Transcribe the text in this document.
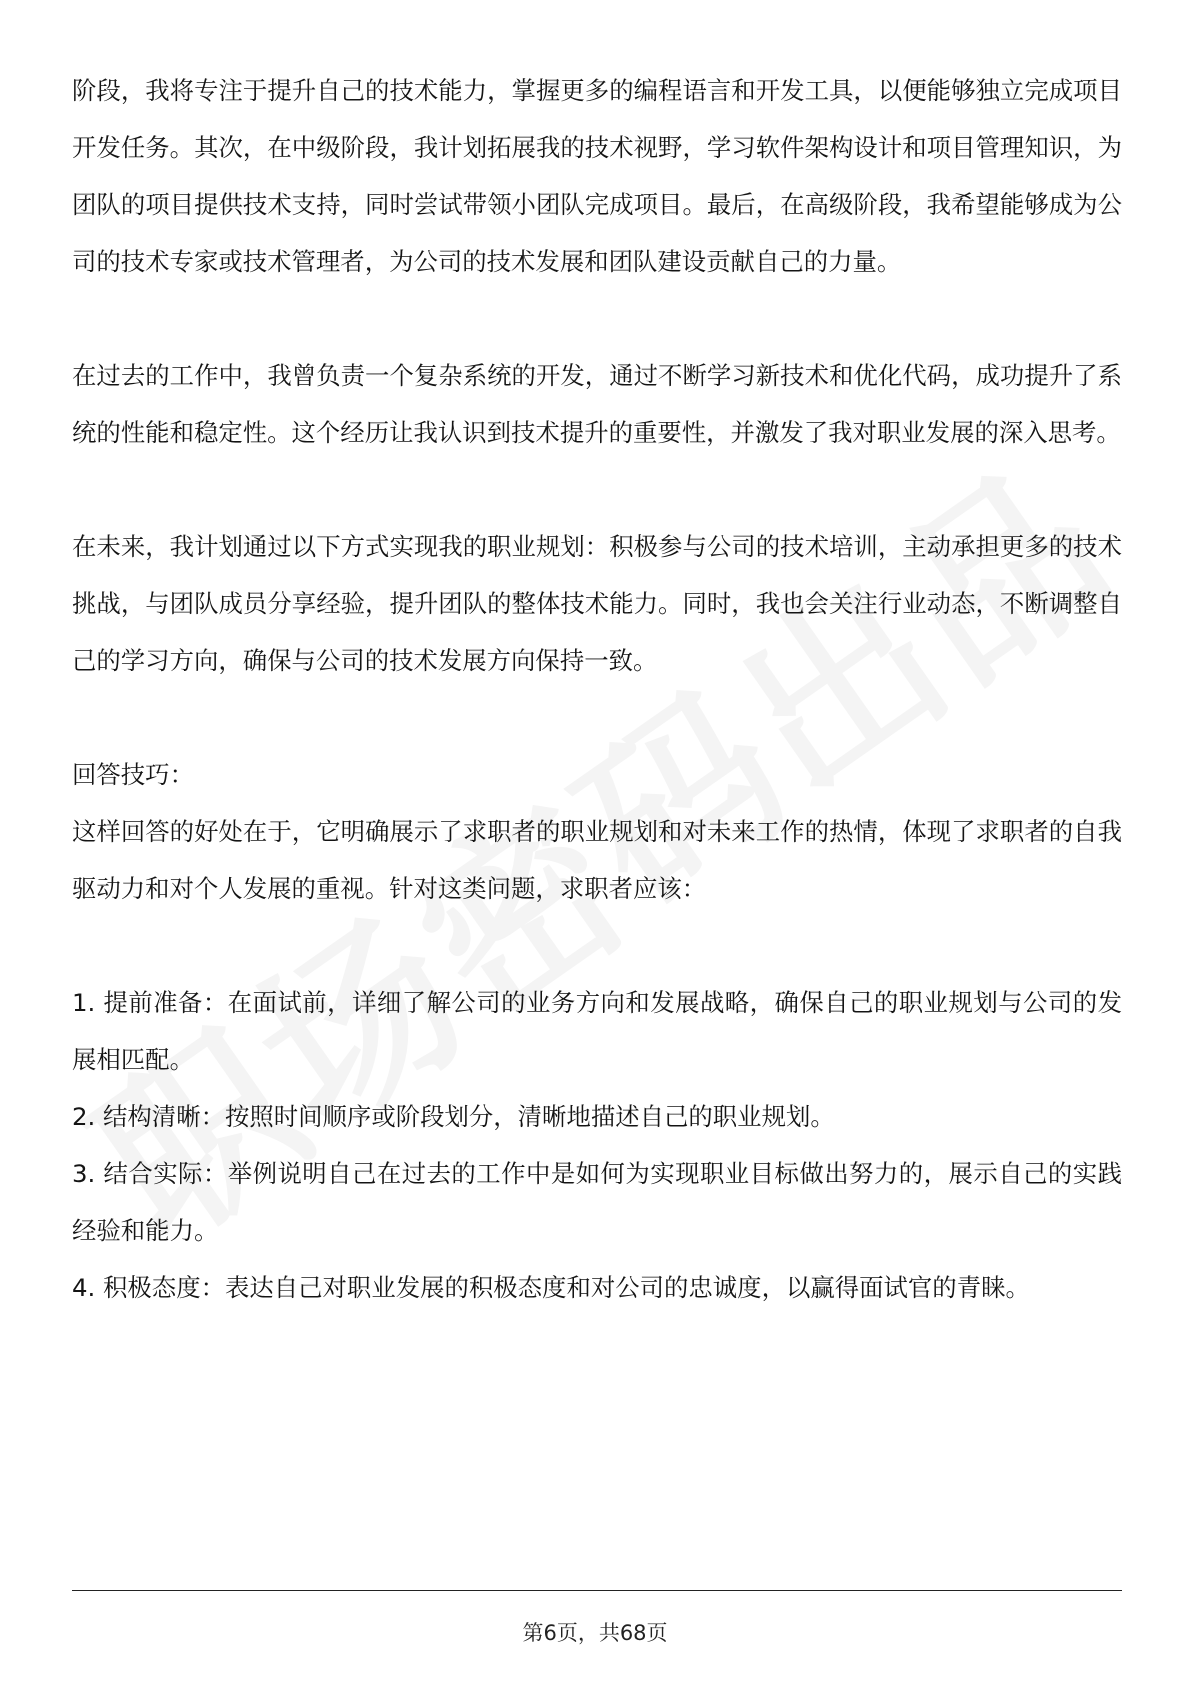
阶段，我将专注于提升自己的技术能力，掌握更多的编程语言和开发工具，以便能够独立完成项目开发任务。其次，在中级阶段，我计划拓展我的技术视野，学习软件架构设计和项目管理知识，为团队的项目提供技术支持，同时尝试带领小团队完成项目。最后，在高级阶段，我希望能够成为公司的技术专家或技术管理者，为公司的技术发展和团队建设贡献自己的力量。

在过去的工作中，我曾负责一个复杂系统的开发，通过不断学习新技术和优化代码，成功提升了系统的性能和稳定性。这个经历让我认识到技术提升的重要性，并激发了我对职业发展的深入思考。

在未来，我计划通过以下方式实现我的职业规划：积极参与公司的技术培训，主动承担更多的技术挑战，与团队成员分享经验，提升团队的整体技术能力。同时，我也会关注行业动态，不断调整自己的学习方向，确保与公司的技术发展方向保持一致。

回答技巧：

这样回答的好处在于，它明确展示了求职者的职业规划和对未来工作的热情，体现了求职者的自我驱动力和对个人发展的重视。针对这类问题，求职者应该：

1. 提前准备：在面试前，详细了解公司的业务方向和发展战略，确保自己的职业规划与公司的发展相匹配。

2. 结构清晰：按照时间顺序或阶段划分，清晰地描述自己的职业规划。

3. 结合实际：举例说明自己在过去的工作中是如何为实现职业目标做出努力的，展示自己的实践经验和能力。

4. 积极态度：表达自己对职业发展的积极态度和对公司的忠诚度，以赢得面试官的青睐。

第6页，共68页
